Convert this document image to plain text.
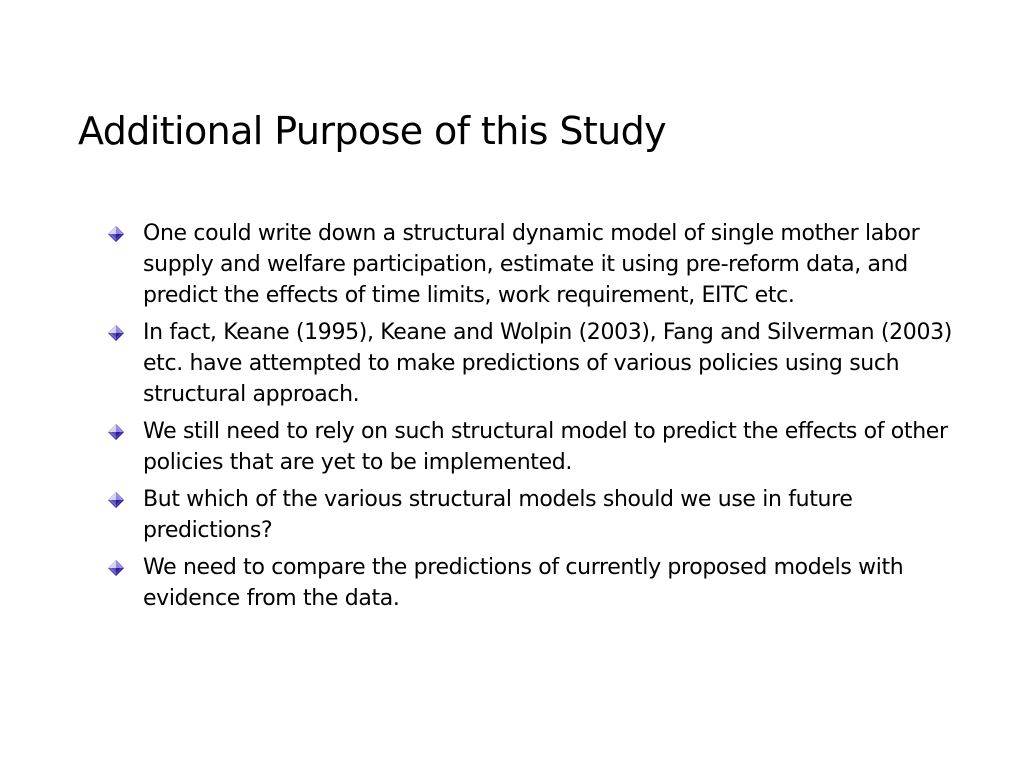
Additional Purpose of this Study
One could write down a structural dynamic model of single mother labor supply and welfare participation, estimate it using pre-reform data, and predict the effects of time limits, work requirement, EITC etc.
In fact, Keane (1995), Keane and Wolpin (2003), Fang and Silverman (2003) etc. have attempted to make predictions of various policies using such structural approach.
We still need to rely on such structural model to predict the effects of other policies that are yet to be implemented.
But which of the various structural models should we use in future predictions?
We need to compare the predictions of currently proposed models with evidence from the data.
